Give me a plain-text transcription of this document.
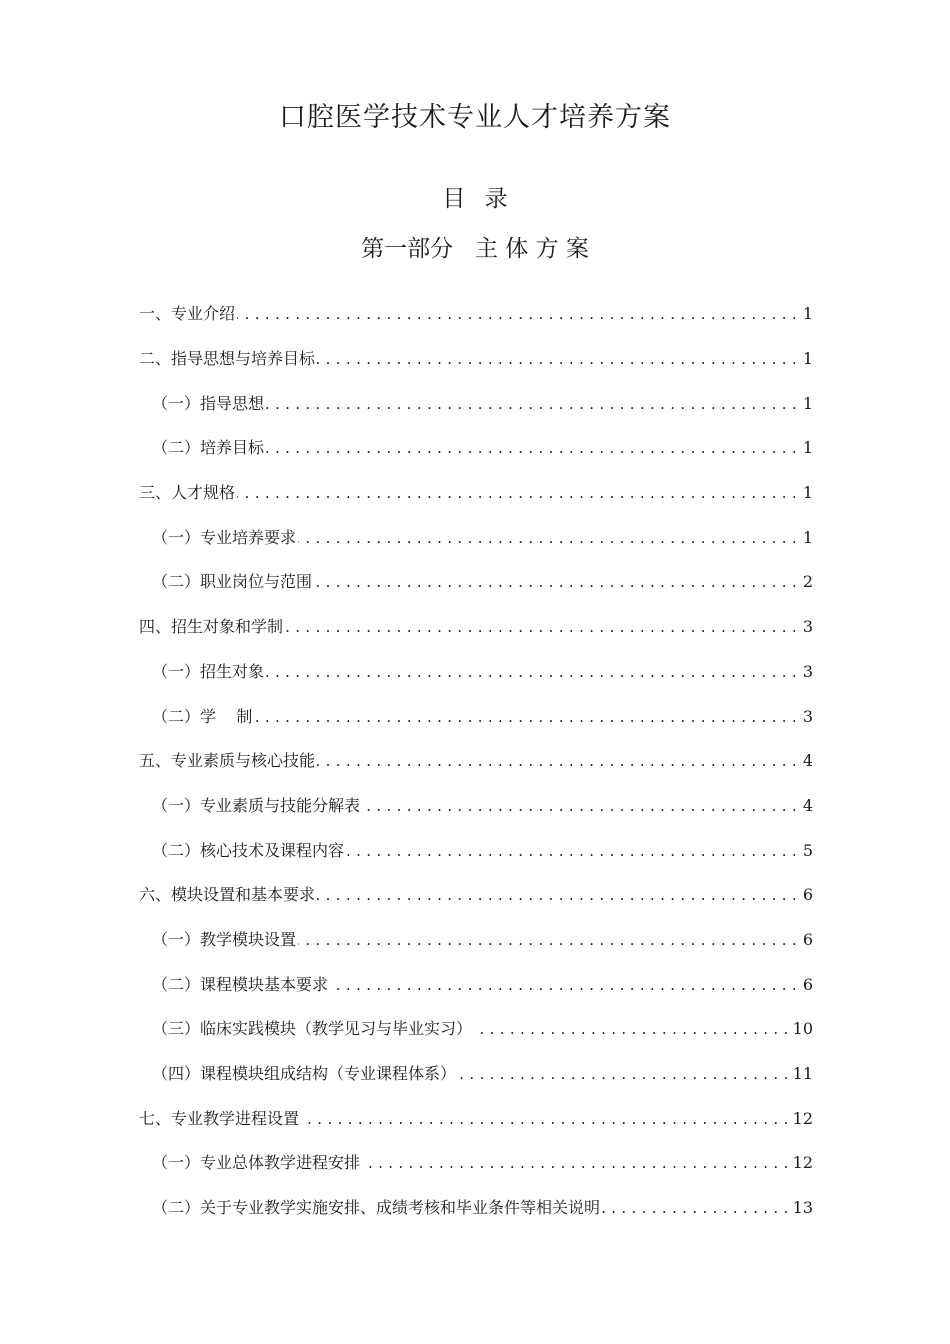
口腔医学技术专业人才培养方案
目 录
第一部分   主 体 方 案
一、专业介绍 . . .	1
二、指导思想与培养目标 . . .	1
（一）指导思想 . . .	1
（二）培养目标 . . .	1
三、人才规格 . . .	1
（一）专业培养要求 . . .	1
（二）职业岗位与范围 . . .	2
四、招生对象和学制 . . .	3
（一）招生对象 . . .	3
（二）学    制 . . .	3
五、专业素质与核心技能 . . .	4
（一）专业素质与技能分解表 . . .	4
（二）核心技术及课程内容 . . .	5
六、模块设置和基本要求 . . .	6
（一）教学模块设置 . . .	6
（二）课程模块基本要求 . . .	6
（三）临床实践模块（教学见习与毕业实习） . . .	10
（四）课程模块组成结构（专业课程体系） . . .	11
七、专业教学进程设置 . . .	12
（一）专业总体教学进程安排 . . .	12
（二）关于专业教学实施安排、成绩考核和毕业条件等相关说明 . . .	13
